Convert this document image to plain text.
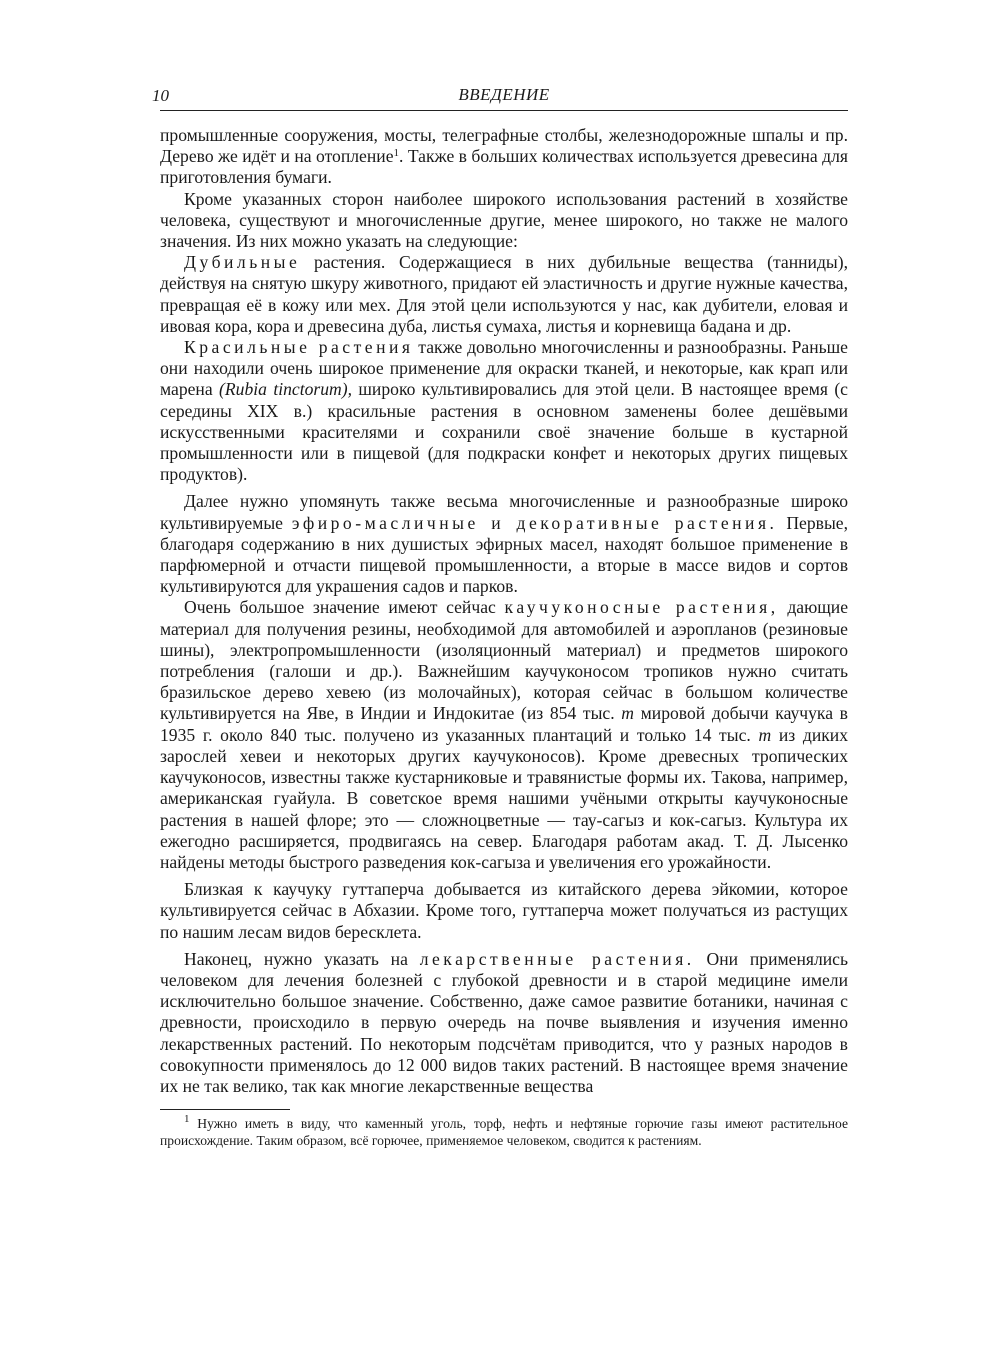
10	ВВЕДЕНИЕ

промышленные сооружения, мосты, телеграфные столбы, железнодорожные шпалы и пр. Дерево же идёт и на отопление$^1$. Также в больших количествах используется древесина для приготовления бумаги.

Кроме указанных сторон наиболее широкого использования растений в хозяйстве человека, существуют и многочисленные другие, менее широкого, но также не малого значения. Из них можно указать на следующие:

Дубильные растения. Содержащиеся в них дубильные вещества (танниды), действуя на снятую шкуру животного, придают ей эластичность и другие нужные качества, превращая её в кожу или мех. Для этой цели используются у нас, как дубители, еловая и ивовая кора, кора и древесина дуба, листья сумаха, листья и корневища бадана и др.

Красильные растения также довольно многочисленны и разнообразны. Раньше они находили очень широкое применение для окраски тканей, и некоторые, как крап или марена (Rubia tinctorum), широко культивировались для этой цели. В настоящее время (с середины XIX в.) красильные растения в основном заменены более дешёвыми искусственными красителями и сохранили своё значение больше в кустарной промышленности или в пищевой (для подкраски конфет и некоторых других пищевых продуктов).

Далее нужно упомянуть также весьма многочисленные и разнообразные широко культивируемые эфиро-масличные и декоративные растения. Первые, благодаря содержанию в них душистых эфирных масел, находят большое применение в парфюмерной и отчасти пищевой промышленности, а вторые в массе видов и сортов культивируются для украшения садов и парков.

Очень большое значение имеют сейчас каучуконосные растения, дающие материал для получения резины, необходимой для автомобилей и аэропланов (резиновые шины), электропромышленности (изоляционный материал) и предметов широкого потребления (галоши и др.). Важнейшим каучуконосом тропиков нужно считать бразильское дерево хевею (из молочайных), которая сейчас в большом количестве культивируется на Яве, в Индии и Индокитае (из 854 тыс. т мировой добычи каучука в 1935 г. около 840 тыс. получено из указанных плантаций и только 14 тыс. т из диких зарослей хевеи и некоторых других каучуконосов). Кроме древесных тропических каучуконосов, известны также кустарниковые и травянистые формы их. Такова, например, американская гуайула. В советское время нашими учёными открыты каучуконосные растения в нашей флоре; это — сложноцветные — тау-сагыз и кок-сагыз. Культура их ежегодно расширяется, продвигаясь на север. Благодаря работам акад. Т. Д. Лысенко найдены методы быстрого разведения кок-сагыза и увеличения его урожайности.

Близкая к каучуку гуттаперча добывается из китайского дерева эйкомии, которое культивируется сейчас в Абхазии. Кроме того, гуттаперча может получаться из растущих по нашим лесам видов бересклета.

Наконец, нужно указать на лекарственные растения. Они применялись человеком для лечения болезней с глубокой древности и в старой медицине имели исключительно большое значение. Собственно, даже самое развитие ботаники, начиная с древности, происходило в первую очередь на почве выявления и изучения именно лекарственных растений. По некоторым подсчётам приводится, что у разных народов в совокупности применялось до 12 000 видов таких растений. В настоящее время значение их не так велико, так как многие лекарственные вещества

$^1$ Нужно иметь в виду, что каменный уголь, торф, нефть и нефтяные горючие газы имеют растительное происхождение. Таким образом, всё горючее, применяемое человеком, сводится к растениям.
